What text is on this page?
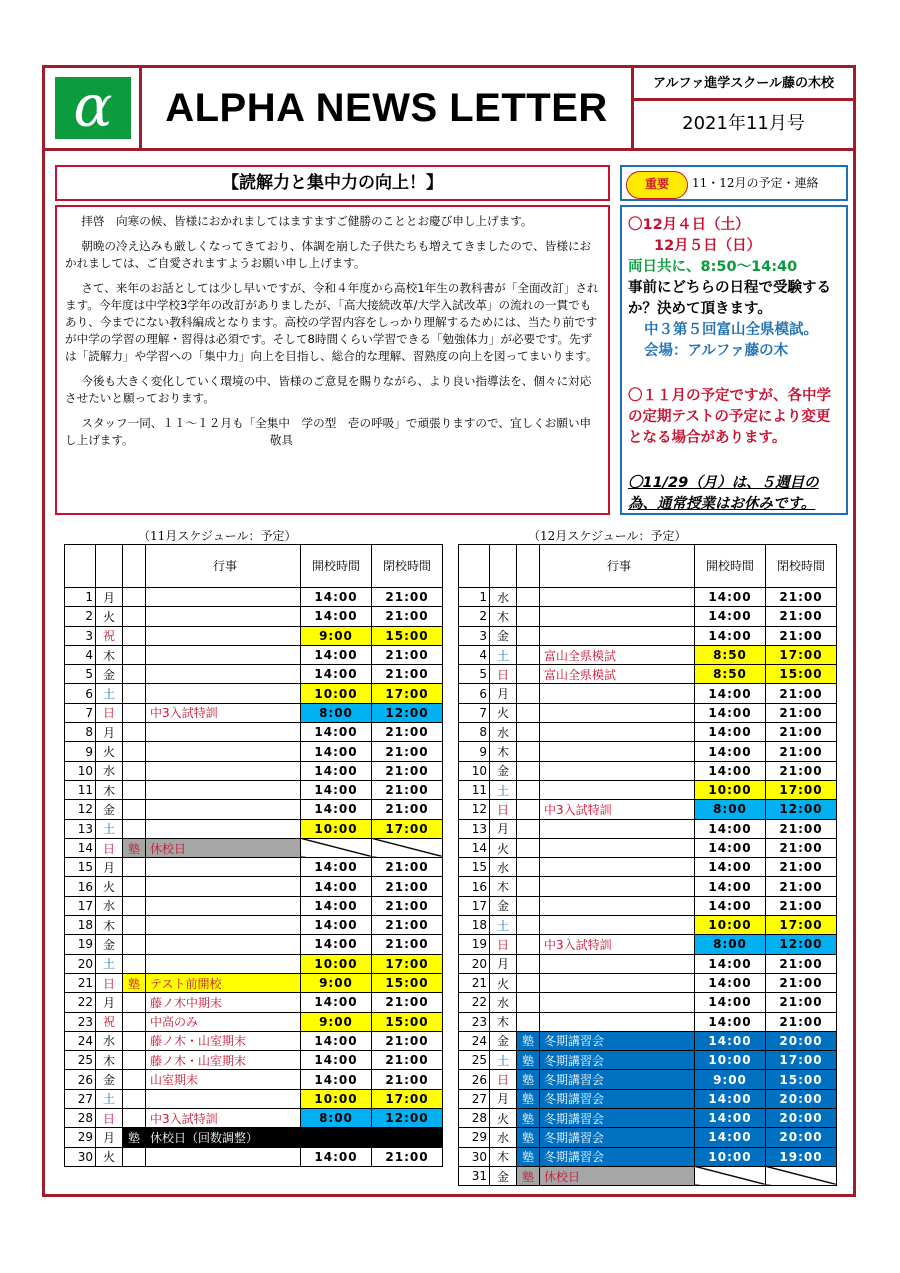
α	ALPHA NEWS LETTER
アルファ進学スクール藤の木校
2021年11月号
【読解力と集中力の向上！】

拝啓　向寒の候、皆様におかれましてはますますご健勝のこととお慶び申し上げます。

朝晩の冷え込みも厳しくなってきており、体調を崩した子供たちも増えてきましたので、皆様におかれましては、ご自愛されますようお願い申し上げます。

さて、来年のお話としては少し早いですが、令和４年度から高校1年生の教科書が「全面改訂」されます。今年度は中学校3学年の改訂がありましたが、「高大接続改革/大学入試改革」の流れの一貫でもあり、今までにない教科編成となります。高校の学習内容をしっかり理解するためには、当たり前ですが中学の学習の理解・習得は必須です。そして8時間くらい学習できる「勉強体力」が必要です。先ずは「読解力」や学習への「集中力」向上を目指し、総合的な理解、習熟度の向上を図ってまいります。

今後も大きく変化していく環境の中、皆様のご意見を賜りながら、より良い指導法を、個々に対応させたいと願っております。

スタッフ一同、１１～１２月も「全集中　学の型　壱の呼吸」で頑張りますので、宜しくお願い申し上げます。	敬具

重要	11・12月の予定・連絡
〇12月４日（土）
12月５日（日）
両日共に、8:50～14:40
事前にどちらの日程で受験するか？決めて頂きます。
中３第５回富山全県模試。
会場：アルファ藤の木
〇１１月の予定ですが、各中学の定期テストの予定により変更となる場合があります。
〇11/29（月）は、５週目の為、通常授業はお休みです。
（11月スケジュール：予定）	（12月スケジュール：予定）
			行事	開校時間	閉校時間
1	月			14:00	21:00
2	火			14:00	21:00
3	祝			9:00	15:00
4	木			14:00	21:00
5	金			14:00	21:00
6	土			10:00	17:00
7	日		中3入試特訓	8:00	12:00
8	月			14:00	21:00
9	火			14:00	21:00
10	水			14:00	21:00
11	木			14:00	21:00
12	金			14:00	21:00
13	土			10:00	17:00
14	日	塾	休校日		
15	月			14:00	21:00
16	火			14:00	21:00
17	水			14:00	21:00
18	木			14:00	21:00
19	金			14:00	21:00
20	土			10:00	17:00
21	日	塾	テスト前開校	9:00	15:00
22	月		藤ノ木中期末	14:00	21:00
23	祝		中高のみ	9:00	15:00
24	水		藤ノ木・山室期末	14:00	21:00
25	木		藤ノ木・山室期末	14:00	21:00
26	金		山室期末	14:00	21:00
27	土			10:00	17:00
28	日		中3入試特訓	8:00	12:00
29	月	塾	休校日（回数調整）		
30	火			14:00	21:00
			行事	開校時間	閉校時間
1	水			14:00	21:00
2	木			14:00	21:00
3	金			14:00	21:00
4	土		富山全県模試	8:50	17:00
5	日		富山全県模試	8:50	15:00
6	月			14:00	21:00
7	火			14:00	21:00
8	水			14:00	21:00
9	木			14:00	21:00
10	金			14:00	21:00
11	土			10:00	17:00
12	日		中3入試特訓	8:00	12:00
13	月			14:00	21:00
14	火			14:00	21:00
15	水			14:00	21:00
16	木			14:00	21:00
17	金			14:00	21:00
18	土			10:00	17:00
19	日		中3入試特訓	8:00	12:00
20	月			14:00	21:00
21	火			14:00	21:00
22	水			14:00	21:00
23	木			14:00	21:00
24	金	塾	冬期講習会	14:00	20:00
25	土	塾	冬期講習会	10:00	17:00
26	日	塾	冬期講習会	9:00	15:00
27	月	塾	冬期講習会	14:00	20:00
28	火	塾	冬期講習会	14:00	20:00
29	水	塾	冬期講習会	14:00	20:00
30	木	塾	冬期講習会	10:00	19:00
31	金	塾	休校日		
